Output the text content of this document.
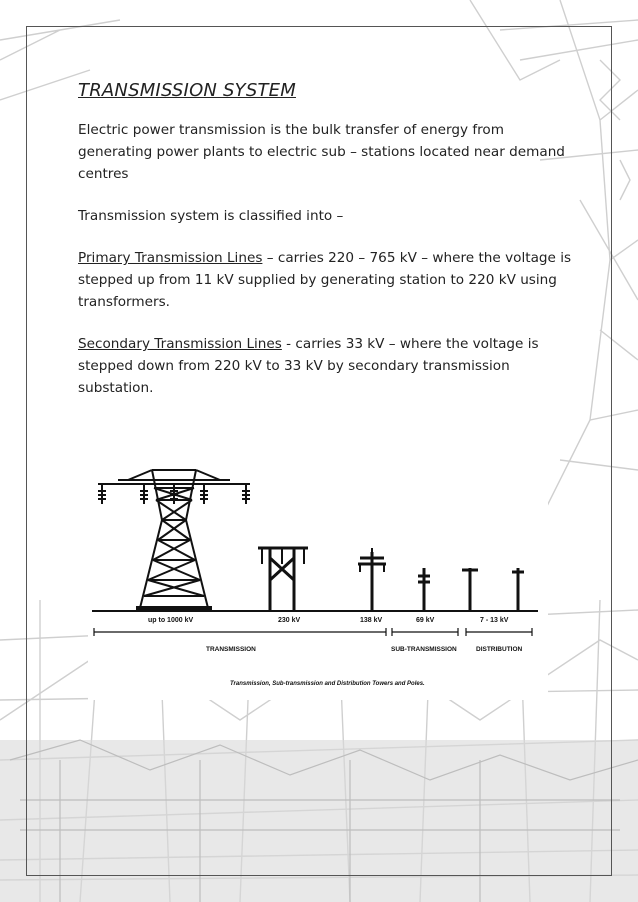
TRANSMISSION SYSTEM

Electric power transmission is the bulk transfer of energy from generating power plants to electric sub – stations located near demand centres

Transmission system is classified into –

Primary Transmission Lines – carries 220 – 765 kV – where the voltage is stepped up from 11 kV supplied by generating station to 220 kV using transformers.

Secondary Transmission Lines - carries 33 kV – where the voltage is stepped down from 220 kV to 33 kV by secondary transmission substation.

up to 1000 kV	230 kV	138 kV	69 kV	7 - 13 kV
TRANSMISSION	SUB-TRANSMISSION	DISTRIBUTION
Transmission, Sub-transmission and Distribution Towers and Poles.
